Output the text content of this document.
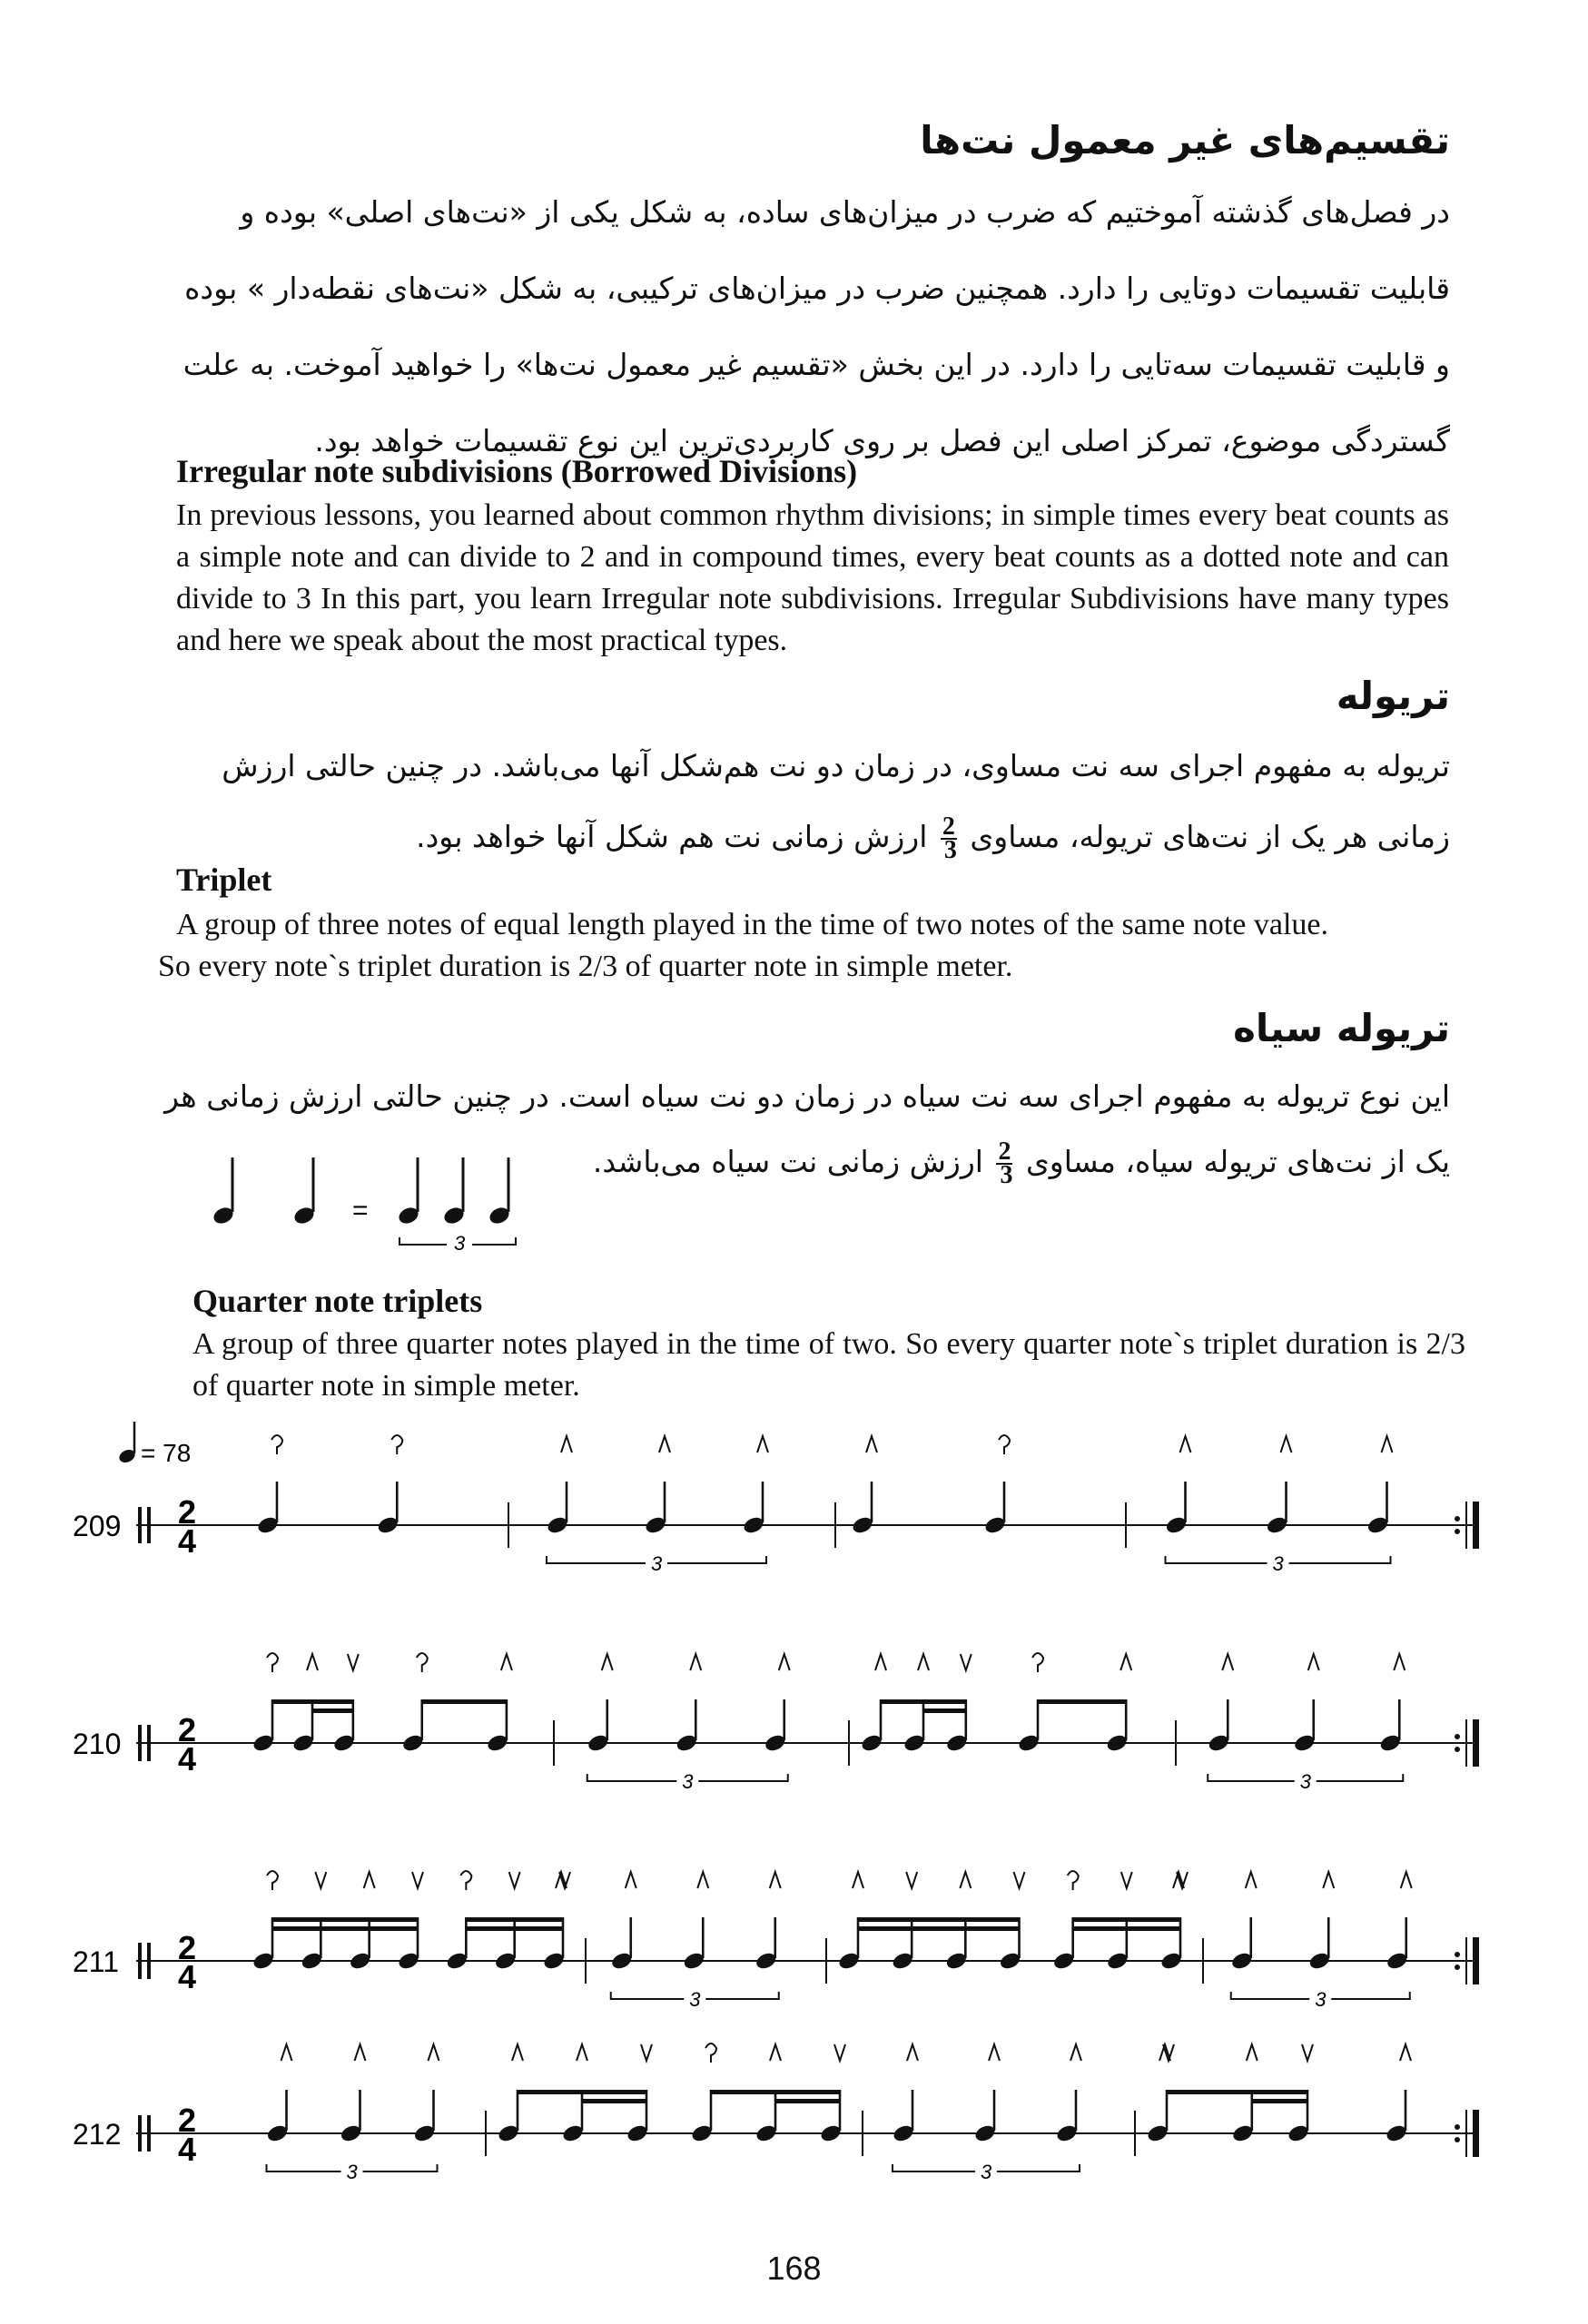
تقسیم‌های غیر معمول نت‌ها
در فصل‌های گذشته آموختیم که ضرب در میزان‌های ساده، به شکل یکی از «نت‌های اصلی» بوده و
قابلیت تقسیمات دوتایی را دارد. همچنین ضرب در میزان‌های ترکیبی، به شکل «نت‌های نقطه‌دار » بوده
و قابلیت تقسیمات سه‌تایی را دارد. در این بخش «تقسیم غیر معمول نت‌ها» را خواهید آموخت. به علت
گستردگی موضوع، تمرکز اصلی این فصل بر روی کاربردی‌ترین این نوع تقسیمات خواهد بود.
Irregular note subdivisions (Borrowed Divisions)
In previous lessons, you learned about common rhythm divisions; in simple times every beat counts as a simple note and can divide to 2 and in compound times, every beat counts as a dotted note and can divide to 3 In this part, you learn Irregular note subdivisions. Irregular Subdivisions have many types and here we speak about the most practical types.
تریوله
تریوله به مفهوم اجرای سه نت مساوی، در زمان دو نت هم‌شکل آنها می‌باشد. در چنین حالتی ارزش
زمانی هر یک از نت‌های تریوله، مساوی
$\frac{2}{3}$
ارزش زمانی نت هم شکل آنها خواهد بود.
Triplet
A group of three notes of equal length played in the time of two notes of the same note value.
So every note`s triplet duration is 2/3 of quarter note in simple meter.
تریوله سیاه
این نوع تریوله به مفهوم اجرای سه نت سیاه در زمان دو نت سیاه است. در چنین حالتی ارزش زمانی هر
یک از نت‌های تریوله سیاه، مساوی
$\frac{2}{3}$
ارزش زمانی نت سیاه می‌باشد.
=
3
Quarter note triplets
A group of three quarter notes played in the time of two. So every quarter note`s triplet duration is 2/3 of quarter note in simple meter.
= 78
209 2
4
3	3
210 2
4
3	3
211 2
4
3	3
212 2
4
3	3
168
